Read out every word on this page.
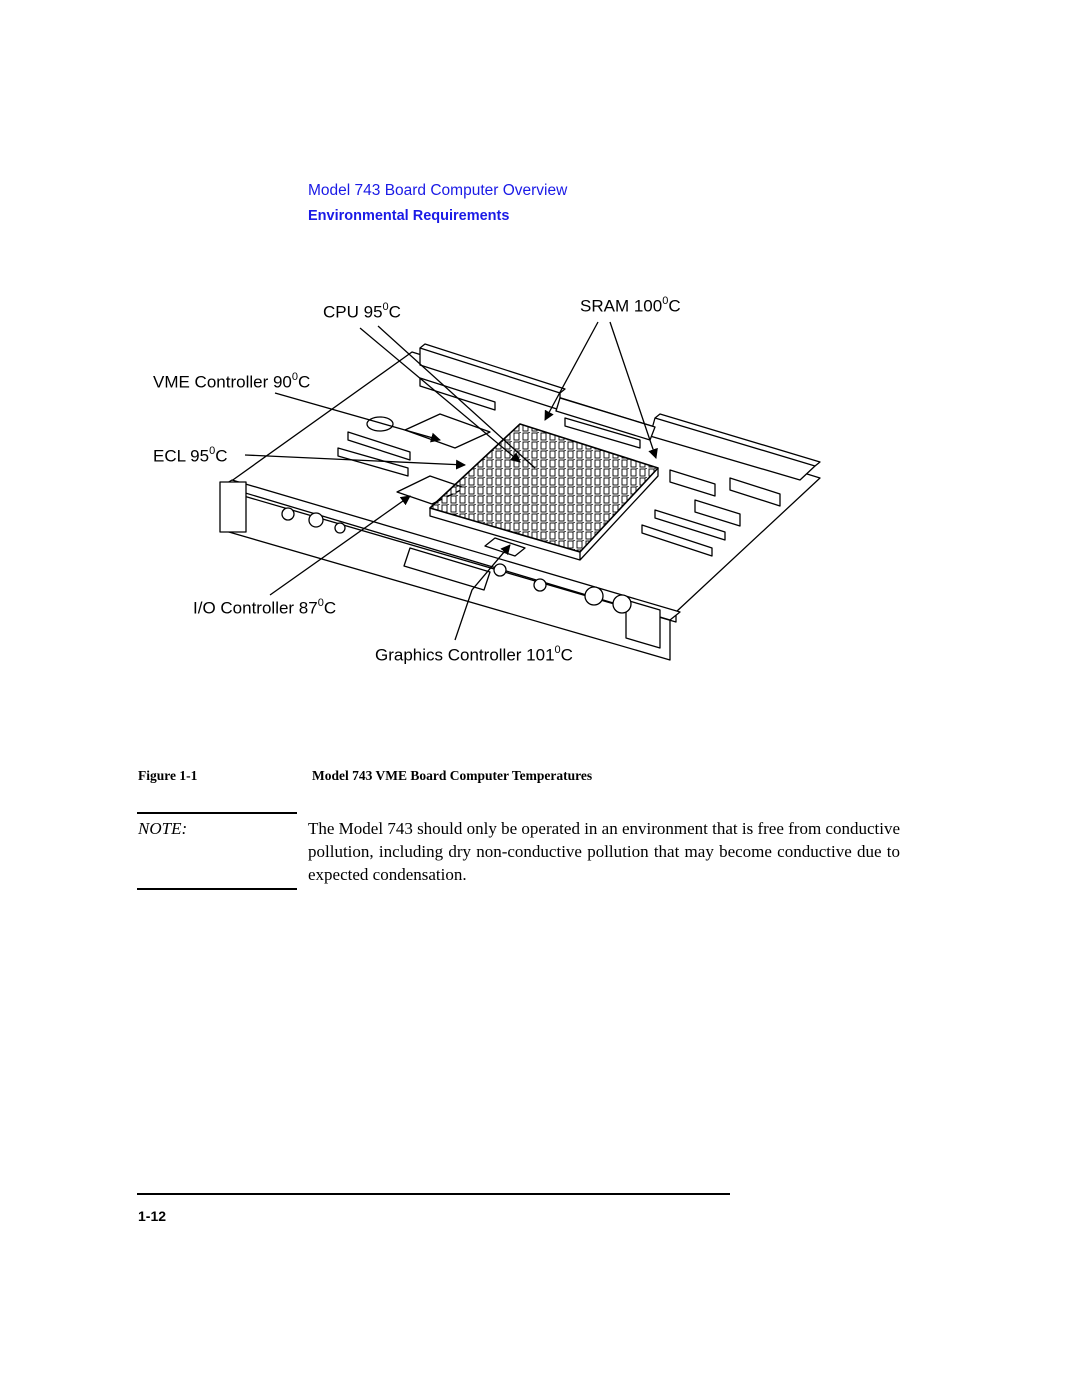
Model 743 Board Computer Overview
Environmental Requirements
CPU $95^0C$	SRAM $100^0C$
VME Controller $90^0C$
ECL $95^0C$
I/O Controller $87^0C$
Graphics Controller $101^0C$
Figure 1-1	Model 743 VME Board Computer Temperatures
NOTE:	The Model 743 should only be operated in an environment that is free from conductive pollution, including dry non-conductive pollution that may become conductive due to expected condensation.
1-12
